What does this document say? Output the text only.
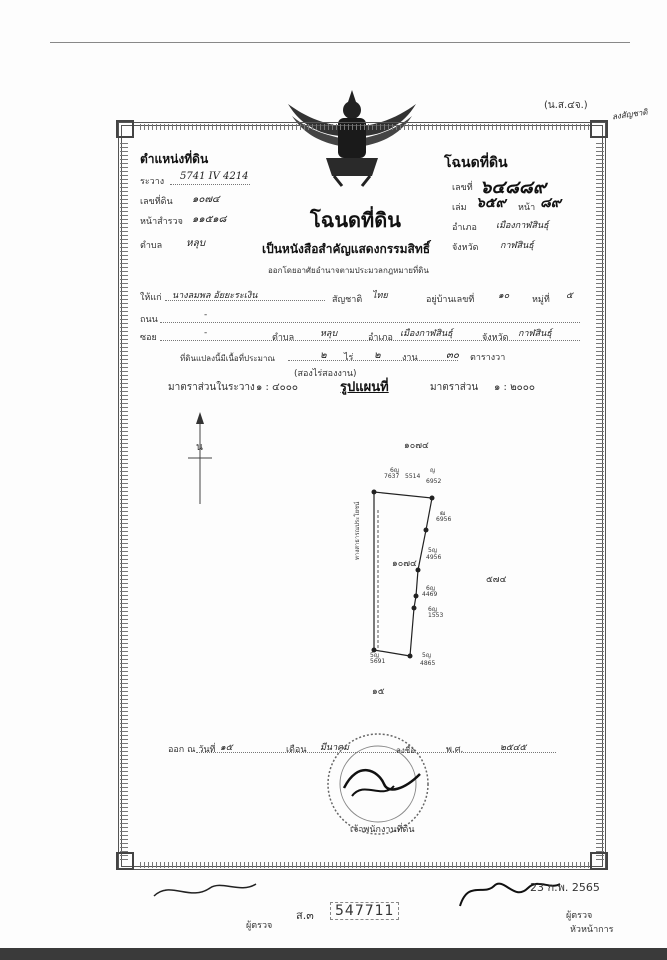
(น.ส.๔จ.)
ลงสัญชาติ
ตำแหน่งที่ดิน
ระวาง 5741 IV 4214
เลขที่ดิน ๑๐๗๔
หน้าสำรวจ ๑๑๕๑๘
ตำบล หลุบ
โฉนดที่ดิน
เลขที่ ๖๔๘๘๙
เล่ม ๖๕๙ หน้า ๘๙
อำเภอ เมืองกาฬสินธุ์
จังหวัด กาฬสินธุ์
โฉนดที่ดิน
เป็นหนังสือสำคัญแสดงกรรมสิทธิ์
ออกโดยอาศัยอำนาจตามประมวลกฎหมายที่ดิน
ให้แก่ นางลมพล อัยยะระเงิน	สัญชาติ ไทย	อยู่บ้านเลขที่	๑๐	หมู่ที่ ๕
ถนน	-
ซอย	-	ตำบล	หลุบ	อำเภอ เมืองกาฬสินธุ์	จังหวัด กาฬสินธุ์
ที่ดินแปลงนี้มีเนื้อที่ประมาณ	๒ ไร่ ๒ งาน	๓๐ ตารางวา
(สองไร่สองงาน)
มาตราส่วนในระวาง ๑ : ๔๐๐๐	รูปแผนที่	มาตราส่วน ๑ : ๒๐๐๐
น	๑๐๗๔
6ญ
7637 5514
ญ
6952
ฒ
6956
5ญ
4956
6ญ
4469
6ญ
1553
5ญ
4865
5ญ
5691
๑๐๗๔
๕๗๔
๑๕
ทางสาธารณประโยชน์
ออก ณ วันที่ ๑๕	เดือน มีนาคม	พ.ศ.	๒๕๔๕
ลงชื่อ
เจ้าพนักงานที่ดิน
ผู้ตรวจ
ส.๓	547711
23 ก.พ. 2565
ผู้ตรวจ
หัวหน้าการ
